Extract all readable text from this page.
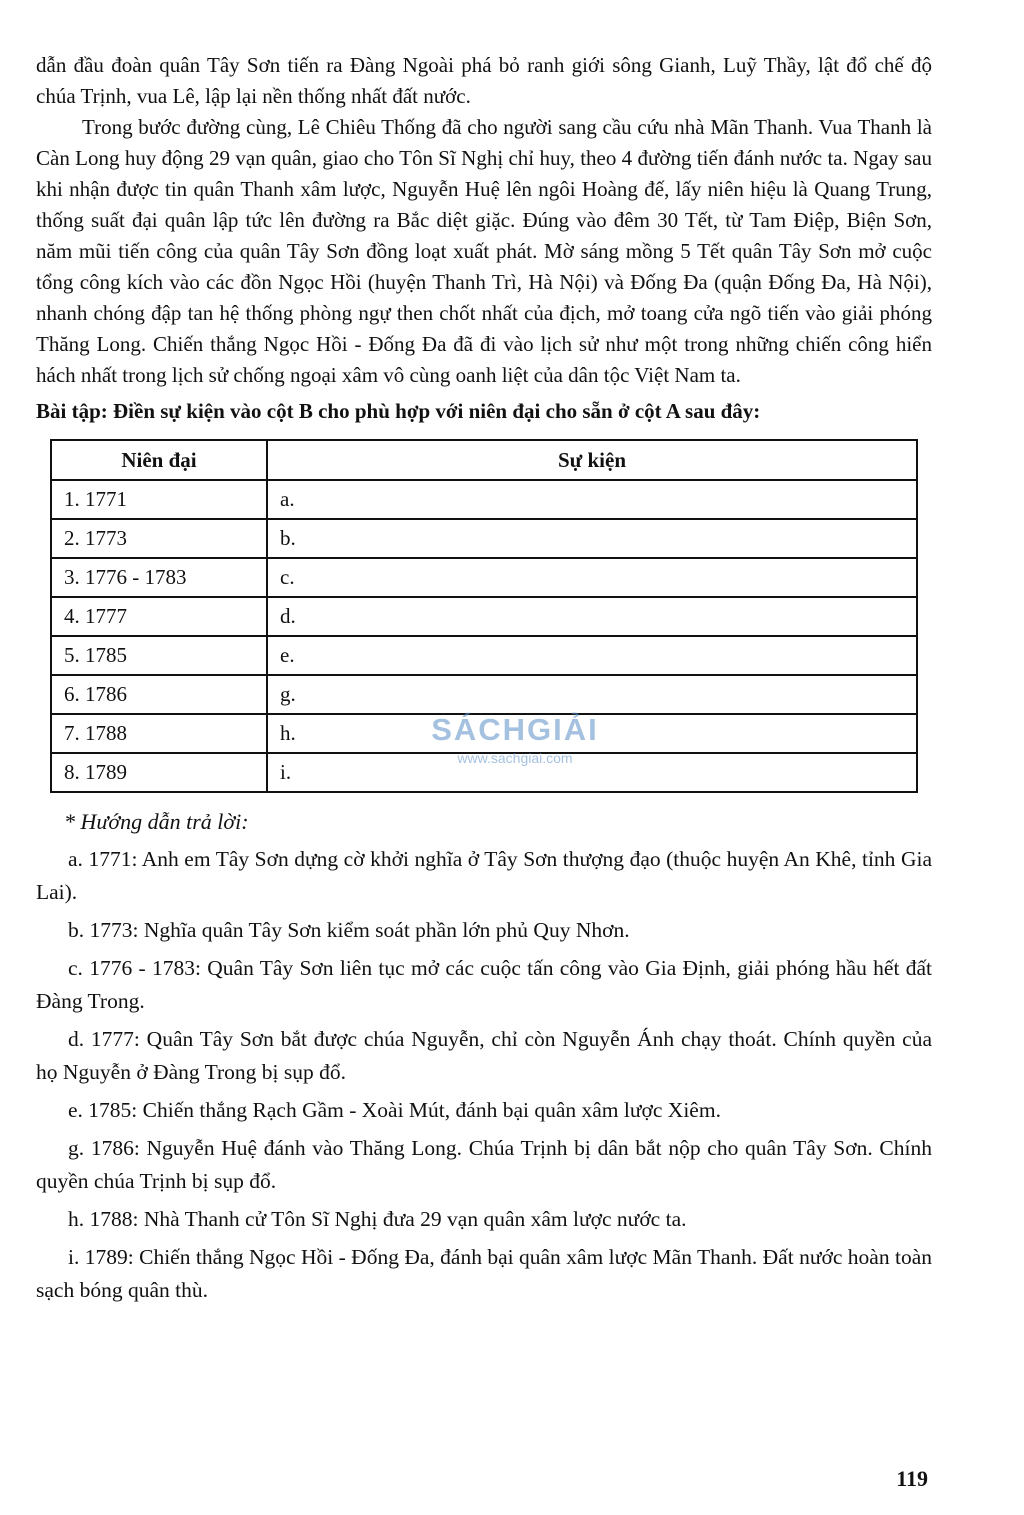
dẫn đầu đoàn quân Tây Sơn tiến ra Đàng Ngoài phá bỏ ranh giới sông Gianh, Luỹ Thầy, lật đổ chế độ chúa Trịnh, vua Lê, lập lại nền thống nhất đất nước.

Trong bước đường cùng, Lê Chiêu Thống đã cho người sang cầu cứu nhà Mãn Thanh. Vua Thanh là Càn Long huy động 29 vạn quân, giao cho Tôn Sĩ Nghị chỉ huy, theo 4 đường tiến đánh nước ta. Ngay sau khi nhận được tin quân Thanh xâm lược, Nguyễn Huệ lên ngôi Hoàng đế, lấy niên hiệu là Quang Trung, thống suất đại quân lập tức lên đường ra Bắc diệt giặc. Đúng vào đêm 30 Tết, từ Tam Điệp, Biện Sơn, năm mũi tiến công của quân Tây Sơn đồng loạt xuất phát. Mờ sáng mồng 5 Tết quân Tây Sơn mở cuộc tổng công kích vào các đồn Ngọc Hồi (huyện Thanh Trì, Hà Nội) và Đống Đa (quận Đống Đa, Hà Nội), nhanh chóng đập tan hệ thống phòng ngự then chốt nhất của địch, mở toang cửa ngõ tiến vào giải phóng Thăng Long. Chiến thắng Ngọc Hồi - Đống Đa đã đi vào lịch sử như một trong những chiến công hiển hách nhất trong lịch sử chống ngoại xâm vô cùng oanh liệt của dân tộc Việt Nam ta.

Bài tập: Điền sự kiện vào cột B cho phù hợp với niên đại cho sẵn ở cột A sau đây:

Niên đại	Sự kiện
1. 1771	a.
2. 1773	b.
3. 1776 - 1783	c.
4. 1777	d.
5. 1785	e.
6. 1786	g.
7. 1788	h.
8. 1789	i.

* Hướng dẫn trả lời:

a. 1771: Anh em Tây Sơn dựng cờ khởi nghĩa ở Tây Sơn thượng đạo (thuộc huyện An Khê, tỉnh Gia Lai).

b. 1773: Nghĩa quân Tây Sơn kiểm soát phần lớn phủ Quy Nhơn.

c. 1776 - 1783: Quân Tây Sơn liên tục mở các cuộc tấn công vào Gia Định, giải phóng hầu hết đất Đàng Trong.

d. 1777: Quân Tây Sơn bắt được chúa Nguyễn, chỉ còn Nguyễn Ánh chạy thoát. Chính quyền của họ Nguyễn ở Đàng Trong bị sụp đổ.

e. 1785: Chiến thắng Rạch Gầm - Xoài Mút, đánh bại quân xâm lược Xiêm.

g. 1786: Nguyễn Huệ đánh vào Thăng Long. Chúa Trịnh bị dân bắt nộp cho quân Tây Sơn. Chính quyền chúa Trịnh bị sụp đổ.

h. 1788: Nhà Thanh cử Tôn Sĩ Nghị đưa 29 vạn quân xâm lược nước ta.

i. 1789: Chiến thắng Ngọc Hồi - Đống Đa, đánh bại quân xâm lược Mãn Thanh. Đất nước hoàn toàn sạch bóng quân thù.

SÁCHGIẢI
www.sachgiai.com
119
